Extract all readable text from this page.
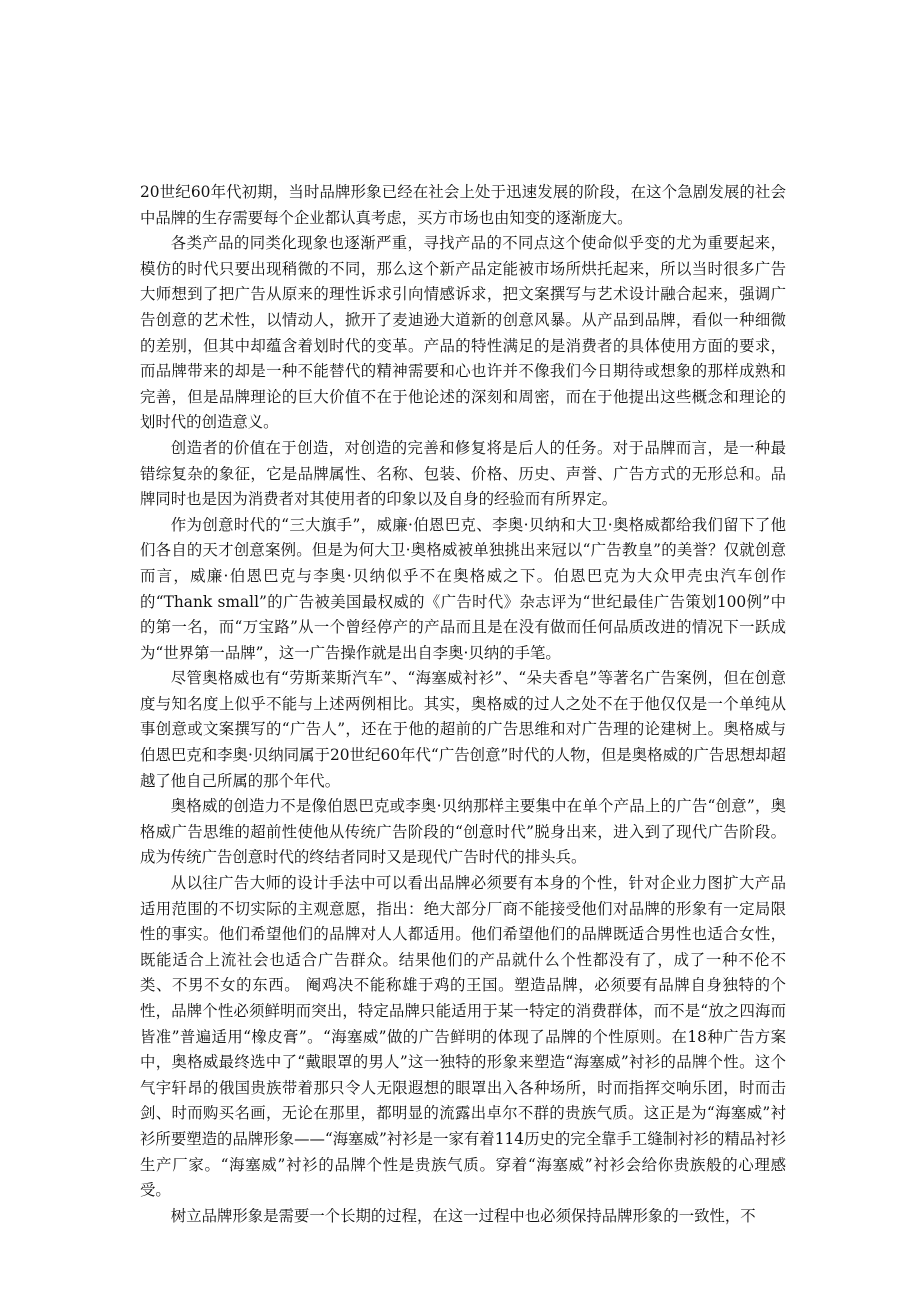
20世纪60年代初期，当时品牌形象已经在社会上处于迅速发展的阶段，在这个急剧发展的社会中品牌的生存需要每个企业都认真考虑，买方市场也由知变的逐渐庞大。

各类产品的同类化现象也逐渐严重，寻找产品的不同点这个使命似乎变的尤为重要起来，模仿的时代只要出现稍微的不同，那么这个新产品定能被市场所烘托起来，所以当时很多广告大师想到了把广告从原来的理性诉求引向情感诉求，把文案撰写与艺术设计融合起来，强调广告创意的艺术性，以情动人，掀开了麦迪逊大道新的创意风暴。从产品到品牌，看似一种细微的差别，但其中却蕴含着划时代的变革。产品的特性满足的是消费者的具体使用方面的要求，而品牌带来的却是一种不能替代的精神需要和心也许并不像我们今日期待或想象的那样成熟和完善，但是品牌理论的巨大价值不在于他论述的深刻和周密，而在于他提出这些概念和理论的划时代的创造意义。

创造者的价值在于创造，对创造的完善和修复将是后人的任务。对于品牌而言，是一种最错综复杂的象征，它是品牌属性、名称、包装、价格、历史、声誉、广告方式的无形总和。品牌同时也是因为消费者对其使用者的印象以及自身的经验而有所界定。

作为创意时代的“三大旗手”，威廉·伯恩巴克、李奥·贝纳和大卫·奥格威都给我们留下了他们各自的天才创意案例。但是为何大卫·奥格威被单独挑出来冠以“广告教皇”的美誉？仅就创意而言，威廉·伯恩巴克与李奥·贝纳似乎不在奥格威之下。伯恩巴克为大众甲壳虫汽车创作的“Thank small”的广告被美国最权威的《广告时代》杂志评为“世纪最佳广告策划100例”中的第一名，而“万宝路”从一个曾经停产的产品而且是在没有做而任何品质改进的情况下一跃成为“世界第一品牌”，这一广告操作就是出自李奥·贝纳的手笔。

尽管奥格威也有“劳斯莱斯汽车”、“海塞威衬衫”、“朵夫香皂”等著名广告案例，但在创意度与知名度上似乎不能与上述两例相比。其实，奥格威的过人之处不在于他仅仅是一个单纯从事创意或文案撰写的“广告人”，还在于他的超前的广告思维和对广告理的论建树上。奥格威与伯恩巴克和李奥·贝纳同属于20世纪60年代“广告创意”时代的人物，但是奥格威的广告思想却超越了他自己所属的那个年代。

奥格威的创造力不是像伯恩巴克或李奥·贝纳那样主要集中在单个产品上的广告“创意”，奥格威广告思维的超前性使他从传统广告阶段的“创意时代”脱身出来，进入到了现代广告阶段。成为传统广告创意时代的终结者同时又是现代广告时代的排头兵。

从以往广告大师的设计手法中可以看出品牌必须要有本身的个性，针对企业力图扩大产品适用范围的不切实际的主观意愿，指出：绝大部分厂商不能接受他们对品牌的形象有一定局限性的事实。他们希望他们的品牌对人人都适用。他们希望他们的品牌既适合男性也适合女性，既能适合上流社会也适合广告群众。结果他们的产品就什么个性都没有了，成了一种不伦不类、不男不女的东西。 阉鸡决不能称雄于鸡的王国。塑造品牌，必须要有品牌自身独特的个性，品牌个性必须鲜明而突出，特定品牌只能适用于某一特定的消费群体，而不是“放之四海而皆准”普遍适用“橡皮膏”。“海塞威”做的广告鲜明的体现了品牌的个性原则。在18种广告方案中，奥格威最终选中了“戴眼罩的男人”这一独特的形象来塑造“海塞威”衬衫的品牌个性。这个气宇轩昂的俄国贵族带着那只令人无限遐想的眼罩出入各种场所，时而指挥交响乐团，时而击剑、时而购买名画，无论在那里，都明显的流露出卓尔不群的贵族气质。这正是为“海塞威”衬衫所要塑造的品牌形象——“海塞威”衬衫是一家有着114历史的完全靠手工缝制衬衫的精品衬衫生产厂家。“海塞威”衬衫的品牌个性是贵族气质。穿着“海塞威”衬衫会给你贵族般的心理感受。

树立品牌形象是需要一个长期的过程，在这一过程中也必须保持品牌形象的一致性，不
